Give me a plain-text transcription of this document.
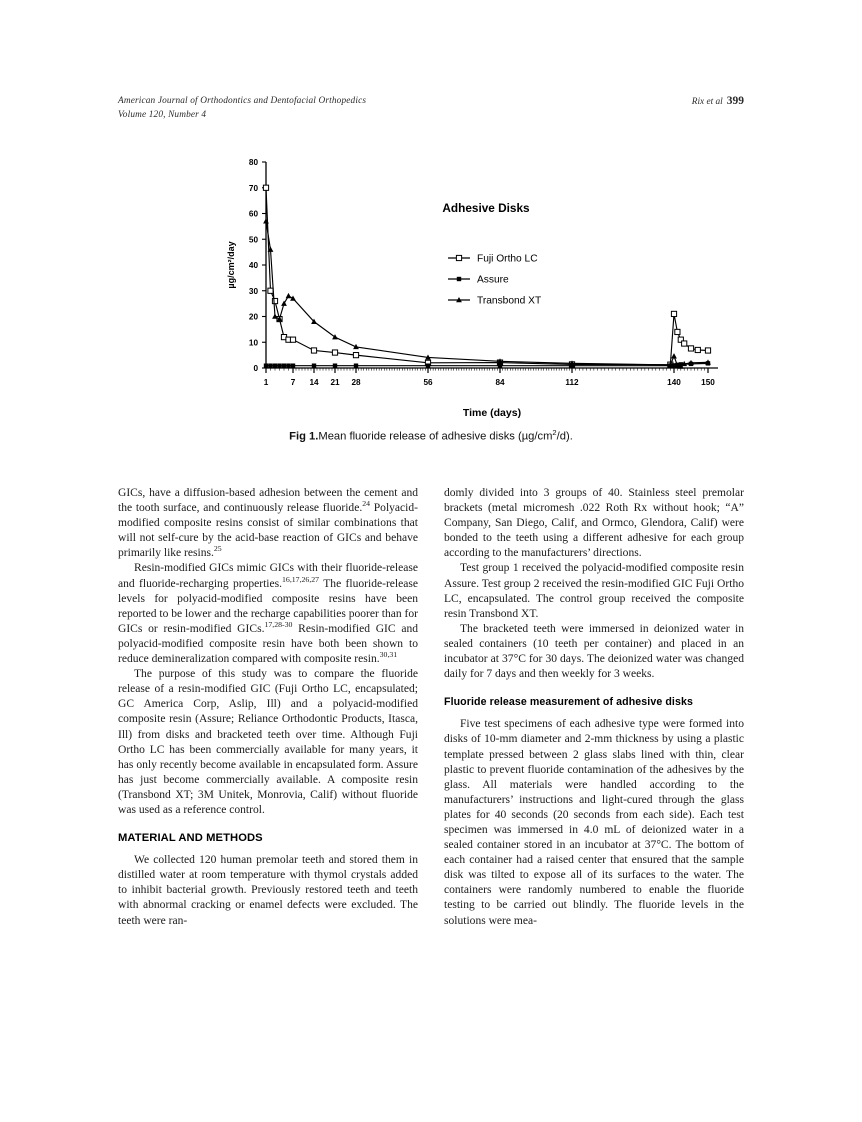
American Journal of Orthodontics and Dentofacial Orthopedics
Volume 120, Number 4
Rix et al 399
0
10
20
30
40
50
60
70
80
1	7 14 21 28	56	84	112	140 150
Time (days)
µg/cm²/day
Adhesive Disks
Fuji Ortho LC
Assure
Transbond XT
Fig 1.Mean fluoride release of adhesive disks $(\mu g/cm^2/d)$.

GICs, have a diffusion-based adhesion between the cement and the tooth surface, and continuously release fluoride.$^{24}$ Polyacid-modified composite resins consist of similar combinations that will not self-cure by the acid-base reaction of GICs and behave primarily like resins.$^{25}$

Resin-modified GICs mimic GICs with their fluoride-release and fluoride-recharging properties.$^{16,17,26,27}$ The fluoride-release levels for polyacid-modified composite resins have been reported to be lower and the recharge capabilities poorer than for GICs or resin-modified GICs.$^{17,28-30}$ Resin-modified GIC and polyacid-modified composite resin have both been shown to reduce demineralization compared with composite resin.$^{30,31}$

The purpose of this study was to compare the fluoride release of a resin-modified GIC (Fuji Ortho LC, encapsulated; GC America Corp, Aslip, Ill) and a polyacid-modified composite resin (Assure; Reliance Orthodontic Products, Itasca, Ill) from disks and bracketed teeth over time. Although Fuji Ortho LC has been commercially available for many years, it has only recently become available in encapsulated form. Assure has just become commercially available. A composite resin (Transbond XT; 3M Unitek, Monrovia, Calif) without fluoride was used as a reference control.

MATERIAL AND METHODS

We collected 120 human premolar teeth and stored them in distilled water at room temperature with thymol crystals added to inhibit bacterial growth. Previously restored teeth and teeth with abnormal cracking or enamel defects were excluded. The teeth were ran-

domly divided into 3 groups of 40. Stainless steel premolar brackets (metal micromesh .022 Roth Rx without hook; “A” Company, San Diego, Calif, and Ormco, Glendora, Calif) were bonded to the teeth using a different adhesive for each group according to the manufacturers’ directions.

Test group 1 received the polyacid-modified composite resin Assure. Test group 2 received the resin-modified GIC Fuji Ortho LC, encapsulated. The control group received the composite resin Transbond XT.

The bracketed teeth were immersed in deionized water in sealed containers (10 teeth per container) and placed in an incubator at 37°C for 30 days. The deionized water was changed daily for 7 days and then weekly for 3 weeks.

Fluoride release measurement of adhesive disks

Five test specimens of each adhesive type were formed into disks of 10-mm diameter and 2-mm thickness by using a plastic template pressed between 2 glass slabs lined with thin, clear plastic to prevent fluoride contamination of the adhesives by the glass. All materials were handled according to the manufacturers’ instructions and light-cured through the glass plates for 40 seconds (20 seconds from each side). Each test specimen was immersed in 4.0 mL of deionized water in a sealed container stored in an incubator at 37°C. The bottom of each container had a raised center that ensured that the sample disk was tilted to expose all of its surfaces to the water. The containers were randomly numbered to enable the fluoride testing to be carried out blindly. The fluoride levels in the solutions were mea-
